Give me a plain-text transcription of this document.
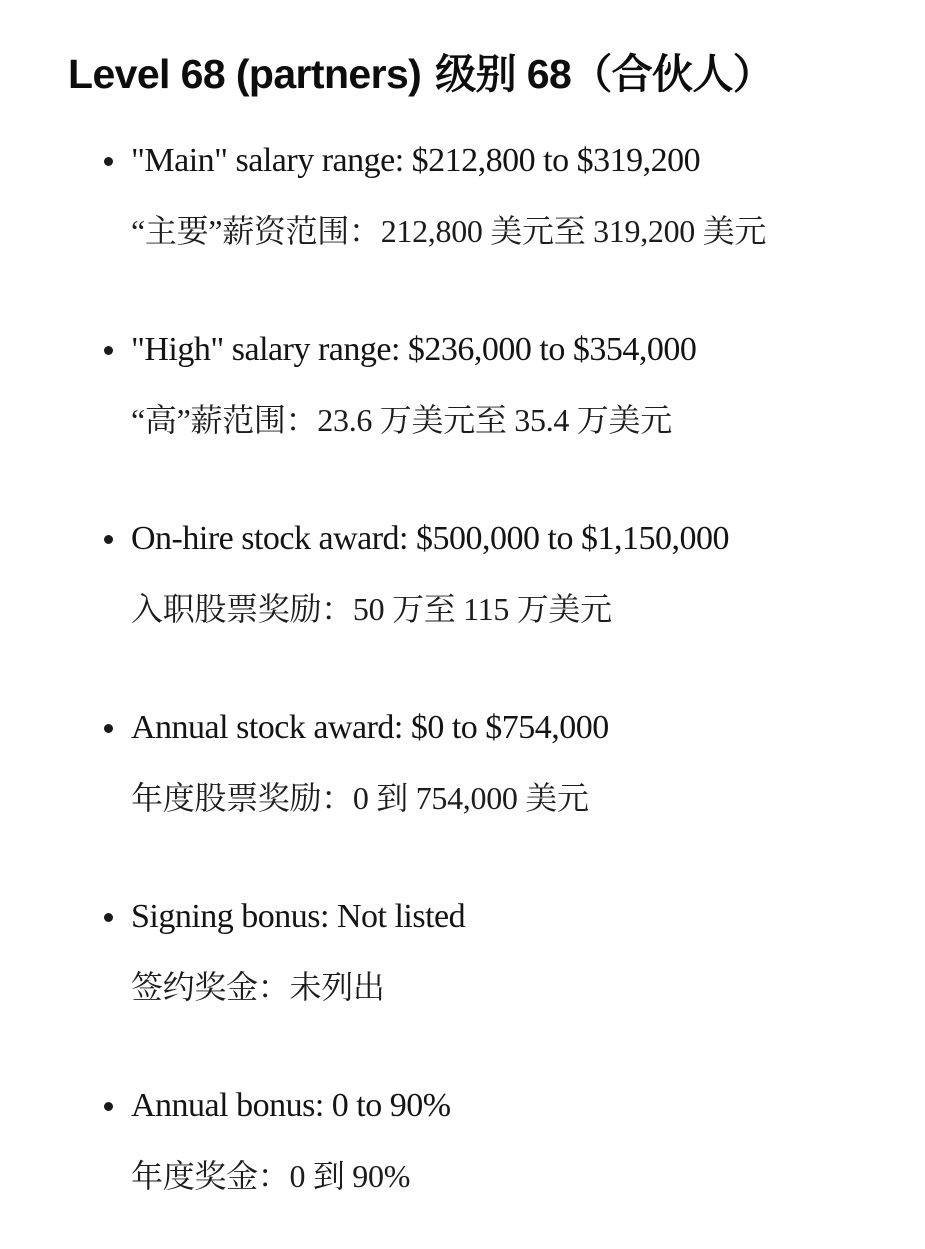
Level 68 (partners) 级别 68（合伙人）
"Main" salary range: $212,800 to $319,200
“主要”薪资范围：212,800 美元至 319,200 美元
"High" salary range: $236,000 to $354,000
“高”薪范围：23.6 万美元至 35.4 万美元
On-hire stock award: $500,000 to $1,150,000
入职股票奖励：50 万至 115 万美元
Annual stock award: $0 to $754,000
年度股票奖励：0 到 754,000 美元
Signing bonus: Not listed
签约奖金：未列出
Annual bonus: 0 to 90%
年度奖金：0 到 90%
